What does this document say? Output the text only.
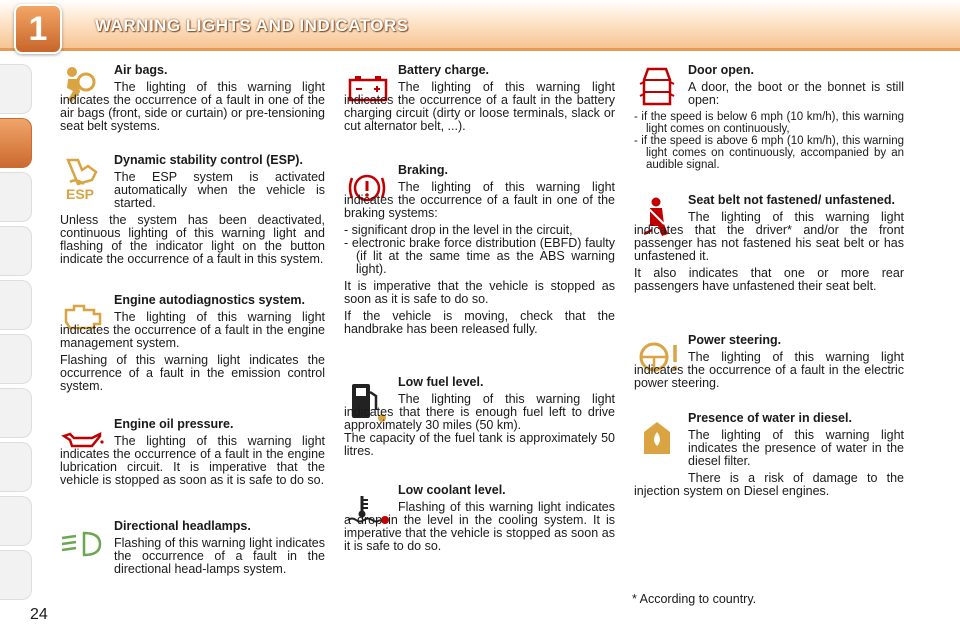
1	WARNING LIGHTS AND INDICATORS
Air bags.

The lighting of this warning light indicates the occurrence of a fault in one of the air bags (front, side or curtain) or pre-tensioning seat belt systems.

ESP
Dynamic stability control (ESP).

The ESP system is activated automatically when the vehicle is started.

Unless the system has been deactivated, continuous lighting of this warning light and flashing of the indicator light on the button indicate the occurrence of a fault in this system.

Engine autodiagnostics system.

The lighting of this warning light indicates the occurrence of a fault in the engine management system.

Flashing of this warning light indicates the occurrence of a fault in the emission control system.

Engine oil pressure.

The lighting of this warning light indicates the occurrence of a fault in the engine lubrication circuit. It is imperative that the vehicle is stopped as soon as it is safe to do so.

Directional headlamps.

Flashing of this warning light indicates the occurrence of a fault in the directional head-lamps system.

Battery charge.

The lighting of this warning light indicates the occurrence of a fault in the battery charging circuit (dirty or loose terminals, slack or cut alternator belt, ...).

Braking.

The lighting of this warning light indicates the occurrence of a fault in one of the braking systems:

- significant drop in the level in the circuit,
- electronic brake force distribution (EBFD) faulty (if lit at the same time as the ABS warning light).

It is imperative that the vehicle is stopped as soon as it is safe to do so.

If the vehicle is moving, check that the handbrake has been released fully.

Low fuel level.

The lighting of this warning light indicates that there is enough fuel left to drive approximately 30 miles (50 km).

The capacity of the fuel tank is approximately 50 litres.

Low coolant level.

Flashing of this warning light indicates a drop in the level in the cooling system. It is imperative that the vehicle is stopped as soon as it is safe to do so.

Door open.

A door, the boot or the bonnet is still open:

- if the speed is below 6 mph (10 km/h), this warning light comes on continuously,
- if the speed is above 6 mph (10 km/h), this warning light comes on continuously, accompanied by an audible signal.
Seat belt not fastened/ unfastened.

The lighting of this warning light indicates that the driver* and/or the front passenger has not fastened his seat belt or has unfastened it.

It also indicates that one or more rear passengers have unfastened their seat belt.

Power steering.

The lighting of this warning light indicates the occurrence of a fault in the electric power steering.

Presence of water in diesel.

The lighting of this warning light indicates the presence of water in the diesel filter.

There is a risk of damage to the injection system on Diesel engines.

* According to country.
24
